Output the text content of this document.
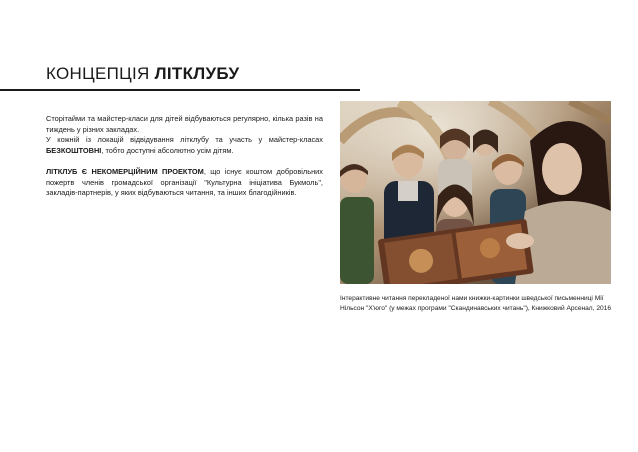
КОНЦЕПЦІЯ ЛІТКЛУБУ

Сторітайми та майстер-класи для дітей відбуваються регулярно, кілька разів на тиждень у різних закладах.

У кожній із локацій відвідування літклубу та участь у майстер-класах БЕЗКОШТОВНІ, тобто доступні абсолютно усім дітям.

ЛІТКЛУБ Є НЕКОМЕРЦІЙНИМ ПРОЕКТОМ, що існує коштом добровільних пожертв членів громадської організації "Культурна ініціатива Букмоль", закладів-партнерів, у яких відбуваються читання, та інших благодійників.

Інтерактивне читання перекладеної нами книжки-картинки шведської письменниці Мії Нільсон "Х'юго" (у межах програми "Скандинавських читань"), Книжковий Арсенал, 2016
